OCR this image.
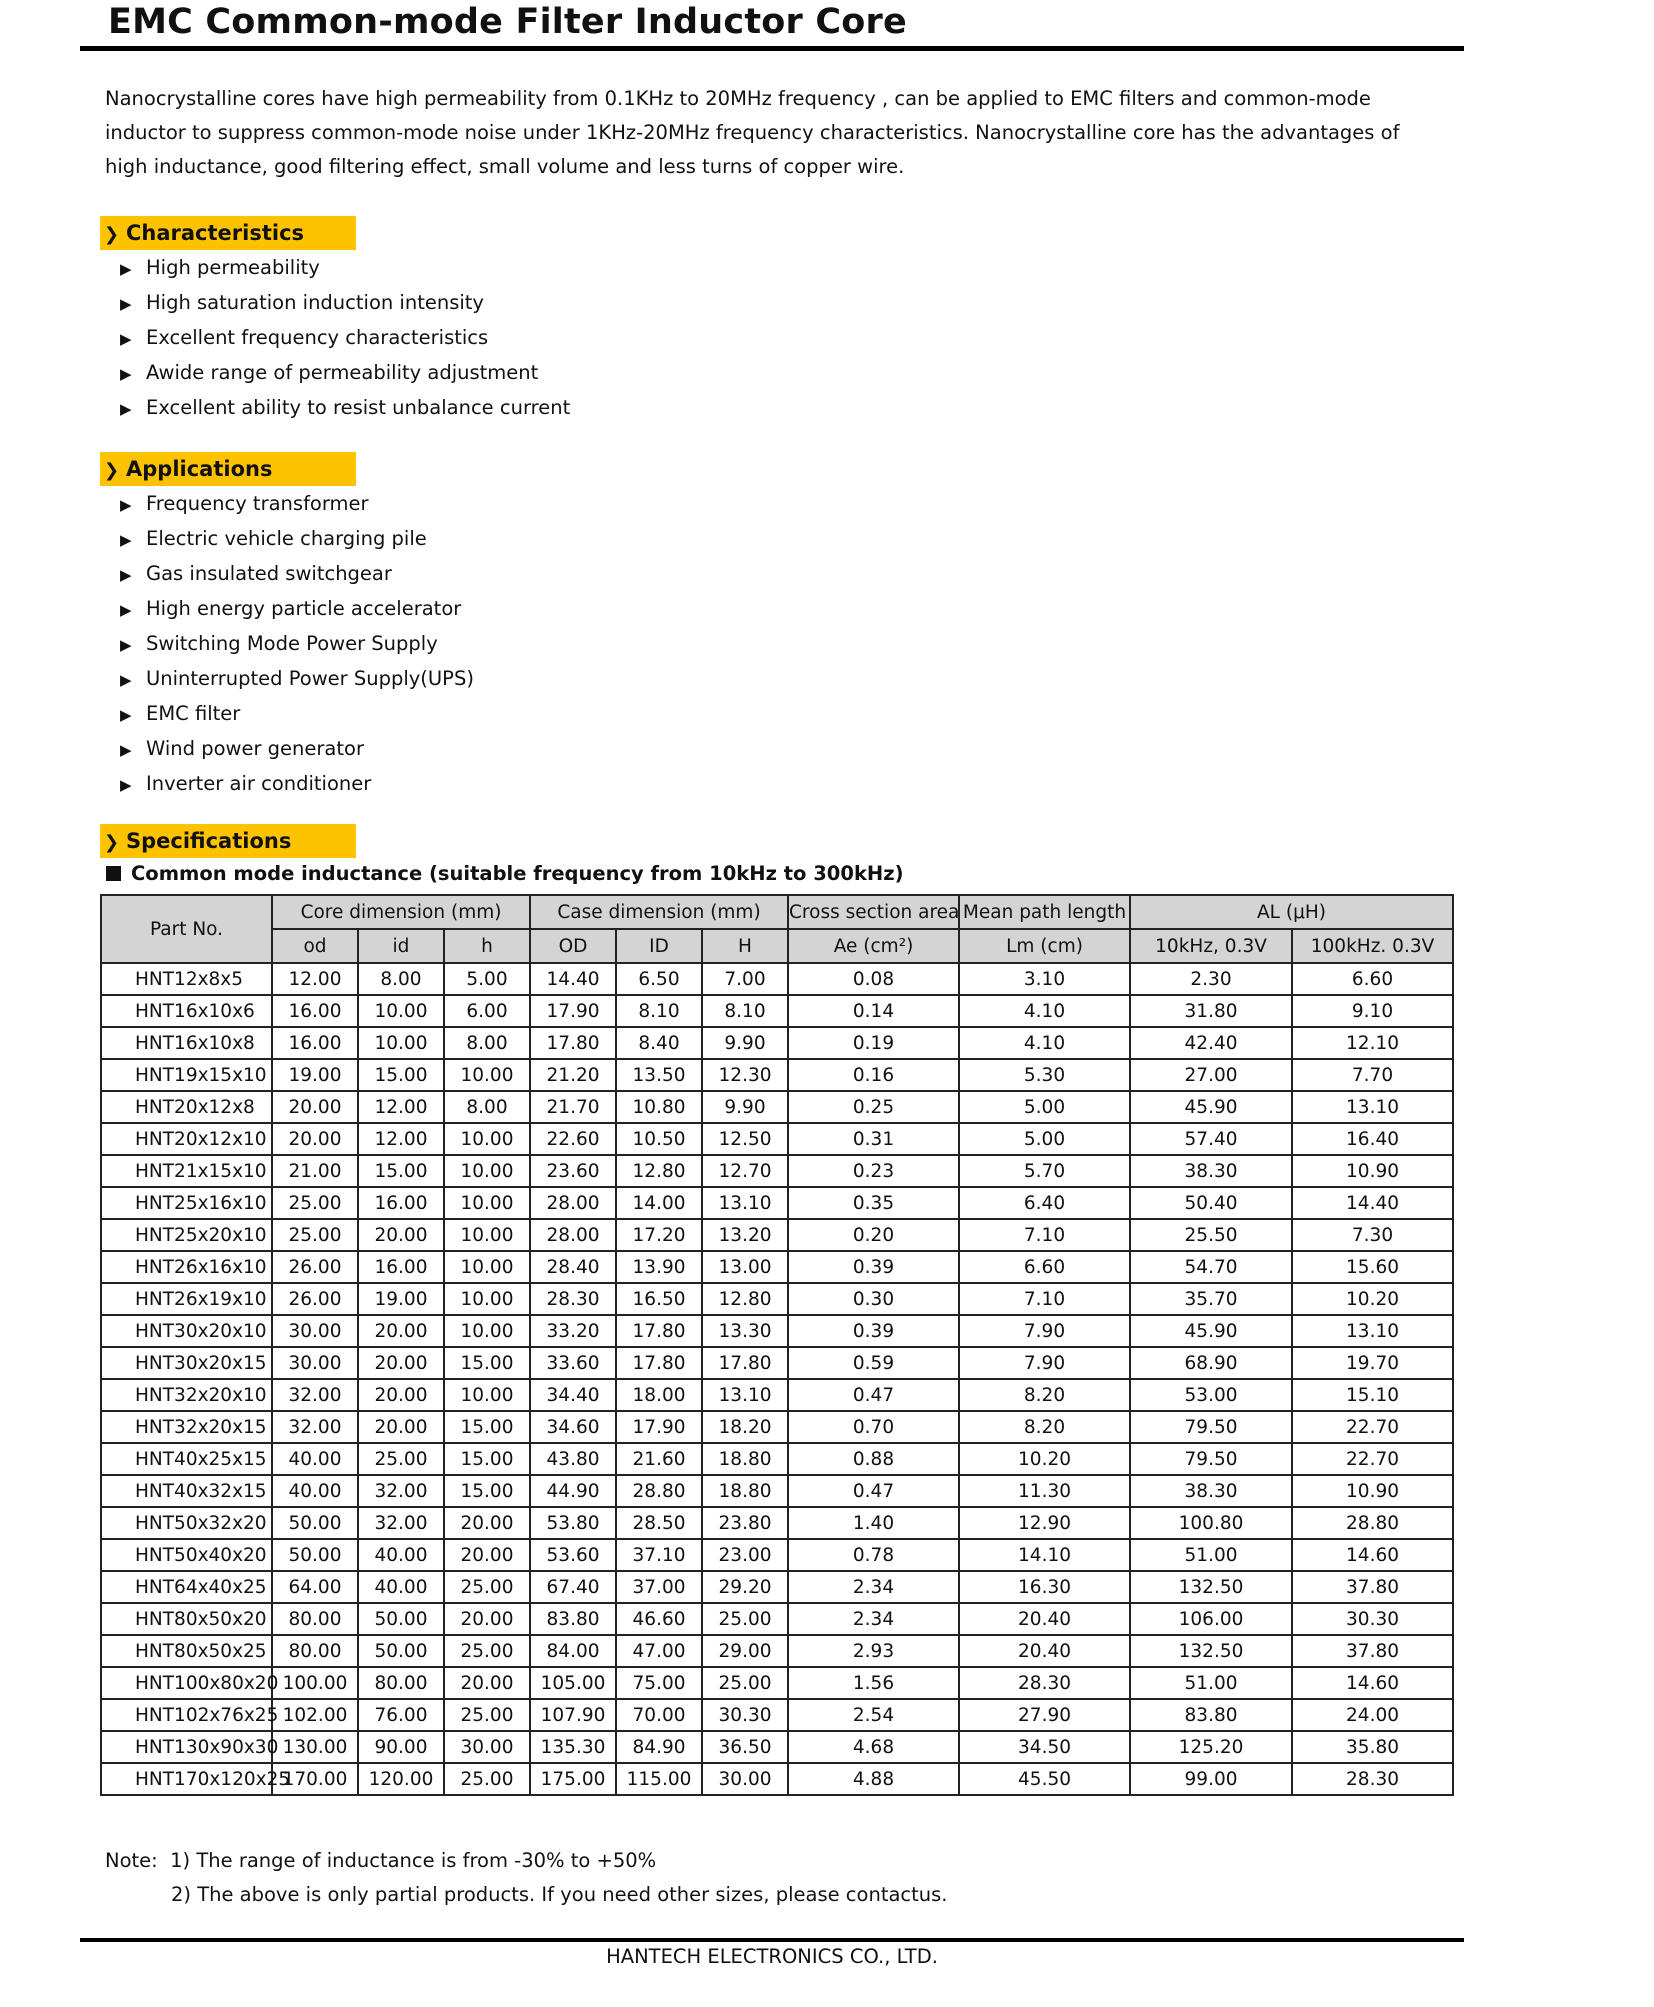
EMC Common-mode Filter Inductor Core
Nanocrystalline cores have high permeability from 0.1KHz to 20MHz frequency , can be applied to EMC filters and common-mode inductor to suppress common-mode noise under 1KHz-20MHz frequency characteristics. Nanocrystalline core has the advantages of high inductance, good filtering effect, small volume and less turns of copper wire.
❯ Characteristics
▶ High permeability
▶ High saturation induction intensity
▶ Excellent frequency characteristics
▶ Awide range of permeability adjustment
▶ Excellent ability to resist unbalance current
❯ Applications
▶ Frequency transformer
▶ Electric vehicle charging pile
▶ Gas insulated switchgear
▶ High energy particle accelerator
▶ Switching Mode Power Supply
▶ Uninterrupted Power Supply(UPS)
▶ EMC filter
▶ Wind power generator
▶ Inverter air conditioner
❯ Specifications
Common mode inductance (suitable frequency from 10kHz to 300kHz)
Part No.	Core dimension (mm)			Case dimension (mm)			Cross section area	Mean path length	AL (μH)	
	od	id	h	OD	ID	H	Ae (cm²)	Lm (cm)	10kHz, 0.3V	100kHz. 0.3V
HNT12x8x5	12.00	8.00	5.00	14.40	6.50	7.00	0.08	3.10	2.30	6.60
HNT16x10x6	16.00	10.00	6.00	17.90	8.10	8.10	0.14	4.10	31.80	9.10
HNT16x10x8	16.00	10.00	8.00	17.80	8.40	9.90	0.19	4.10	42.40	12.10
HNT19x15x10	19.00	15.00	10.00	21.20	13.50	12.30	0.16	5.30	27.00	7.70
HNT20x12x8	20.00	12.00	8.00	21.70	10.80	9.90	0.25	5.00	45.90	13.10
HNT20x12x10	20.00	12.00	10.00	22.60	10.50	12.50	0.31	5.00	57.40	16.40
HNT21x15x10	21.00	15.00	10.00	23.60	12.80	12.70	0.23	5.70	38.30	10.90
HNT25x16x10	25.00	16.00	10.00	28.00	14.00	13.10	0.35	6.40	50.40	14.40
HNT25x20x10	25.00	20.00	10.00	28.00	17.20	13.20	0.20	7.10	25.50	7.30
HNT26x16x10	26.00	16.00	10.00	28.40	13.90	13.00	0.39	6.60	54.70	15.60
HNT26x19x10	26.00	19.00	10.00	28.30	16.50	12.80	0.30	7.10	35.70	10.20
HNT30x20x10	30.00	20.00	10.00	33.20	17.80	13.30	0.39	7.90	45.90	13.10
HNT30x20x15	30.00	20.00	15.00	33.60	17.80	17.80	0.59	7.90	68.90	19.70
HNT32x20x10	32.00	20.00	10.00	34.40	18.00	13.10	0.47	8.20	53.00	15.10
HNT32x20x15	32.00	20.00	15.00	34.60	17.90	18.20	0.70	8.20	79.50	22.70
HNT40x25x15	40.00	25.00	15.00	43.80	21.60	18.80	0.88	10.20	79.50	22.70
HNT40x32x15	40.00	32.00	15.00	44.90	28.80	18.80	0.47	11.30	38.30	10.90
HNT50x32x20	50.00	32.00	20.00	53.80	28.50	23.80	1.40	12.90	100.80	28.80
HNT50x40x20	50.00	40.00	20.00	53.60	37.10	23.00	0.78	14.10	51.00	14.60
HNT64x40x25	64.00	40.00	25.00	67.40	37.00	29.20	2.34	16.30	132.50	37.80
HNT80x50x20	80.00	50.00	20.00	83.80	46.60	25.00	2.34	20.40	106.00	30.30
HNT80x50x25	80.00	50.00	25.00	84.00	47.00	29.00	2.93	20.40	132.50	37.80
HNT100x80x20	100.00	80.00	20.00	105.00	75.00	25.00	1.56	28.30	51.00	14.60
HNT102x76x25	102.00	76.00	25.00	107.90	70.00	30.30	2.54	27.90	83.80	24.00
HNT130x90x30	130.00	90.00	30.00	135.30	84.90	36.50	4.68	34.50	125.20	35.80
HNT170x120x25	170.00	120.00	25.00	175.00	115.00	30.00	4.88	45.50	99.00	28.30
Note: 1) The range of inductance is from -30% to +50%
2) The above is only partial products. If you need other sizes, please contactus.
HANTECH ELECTRONICS CO., LTD.
